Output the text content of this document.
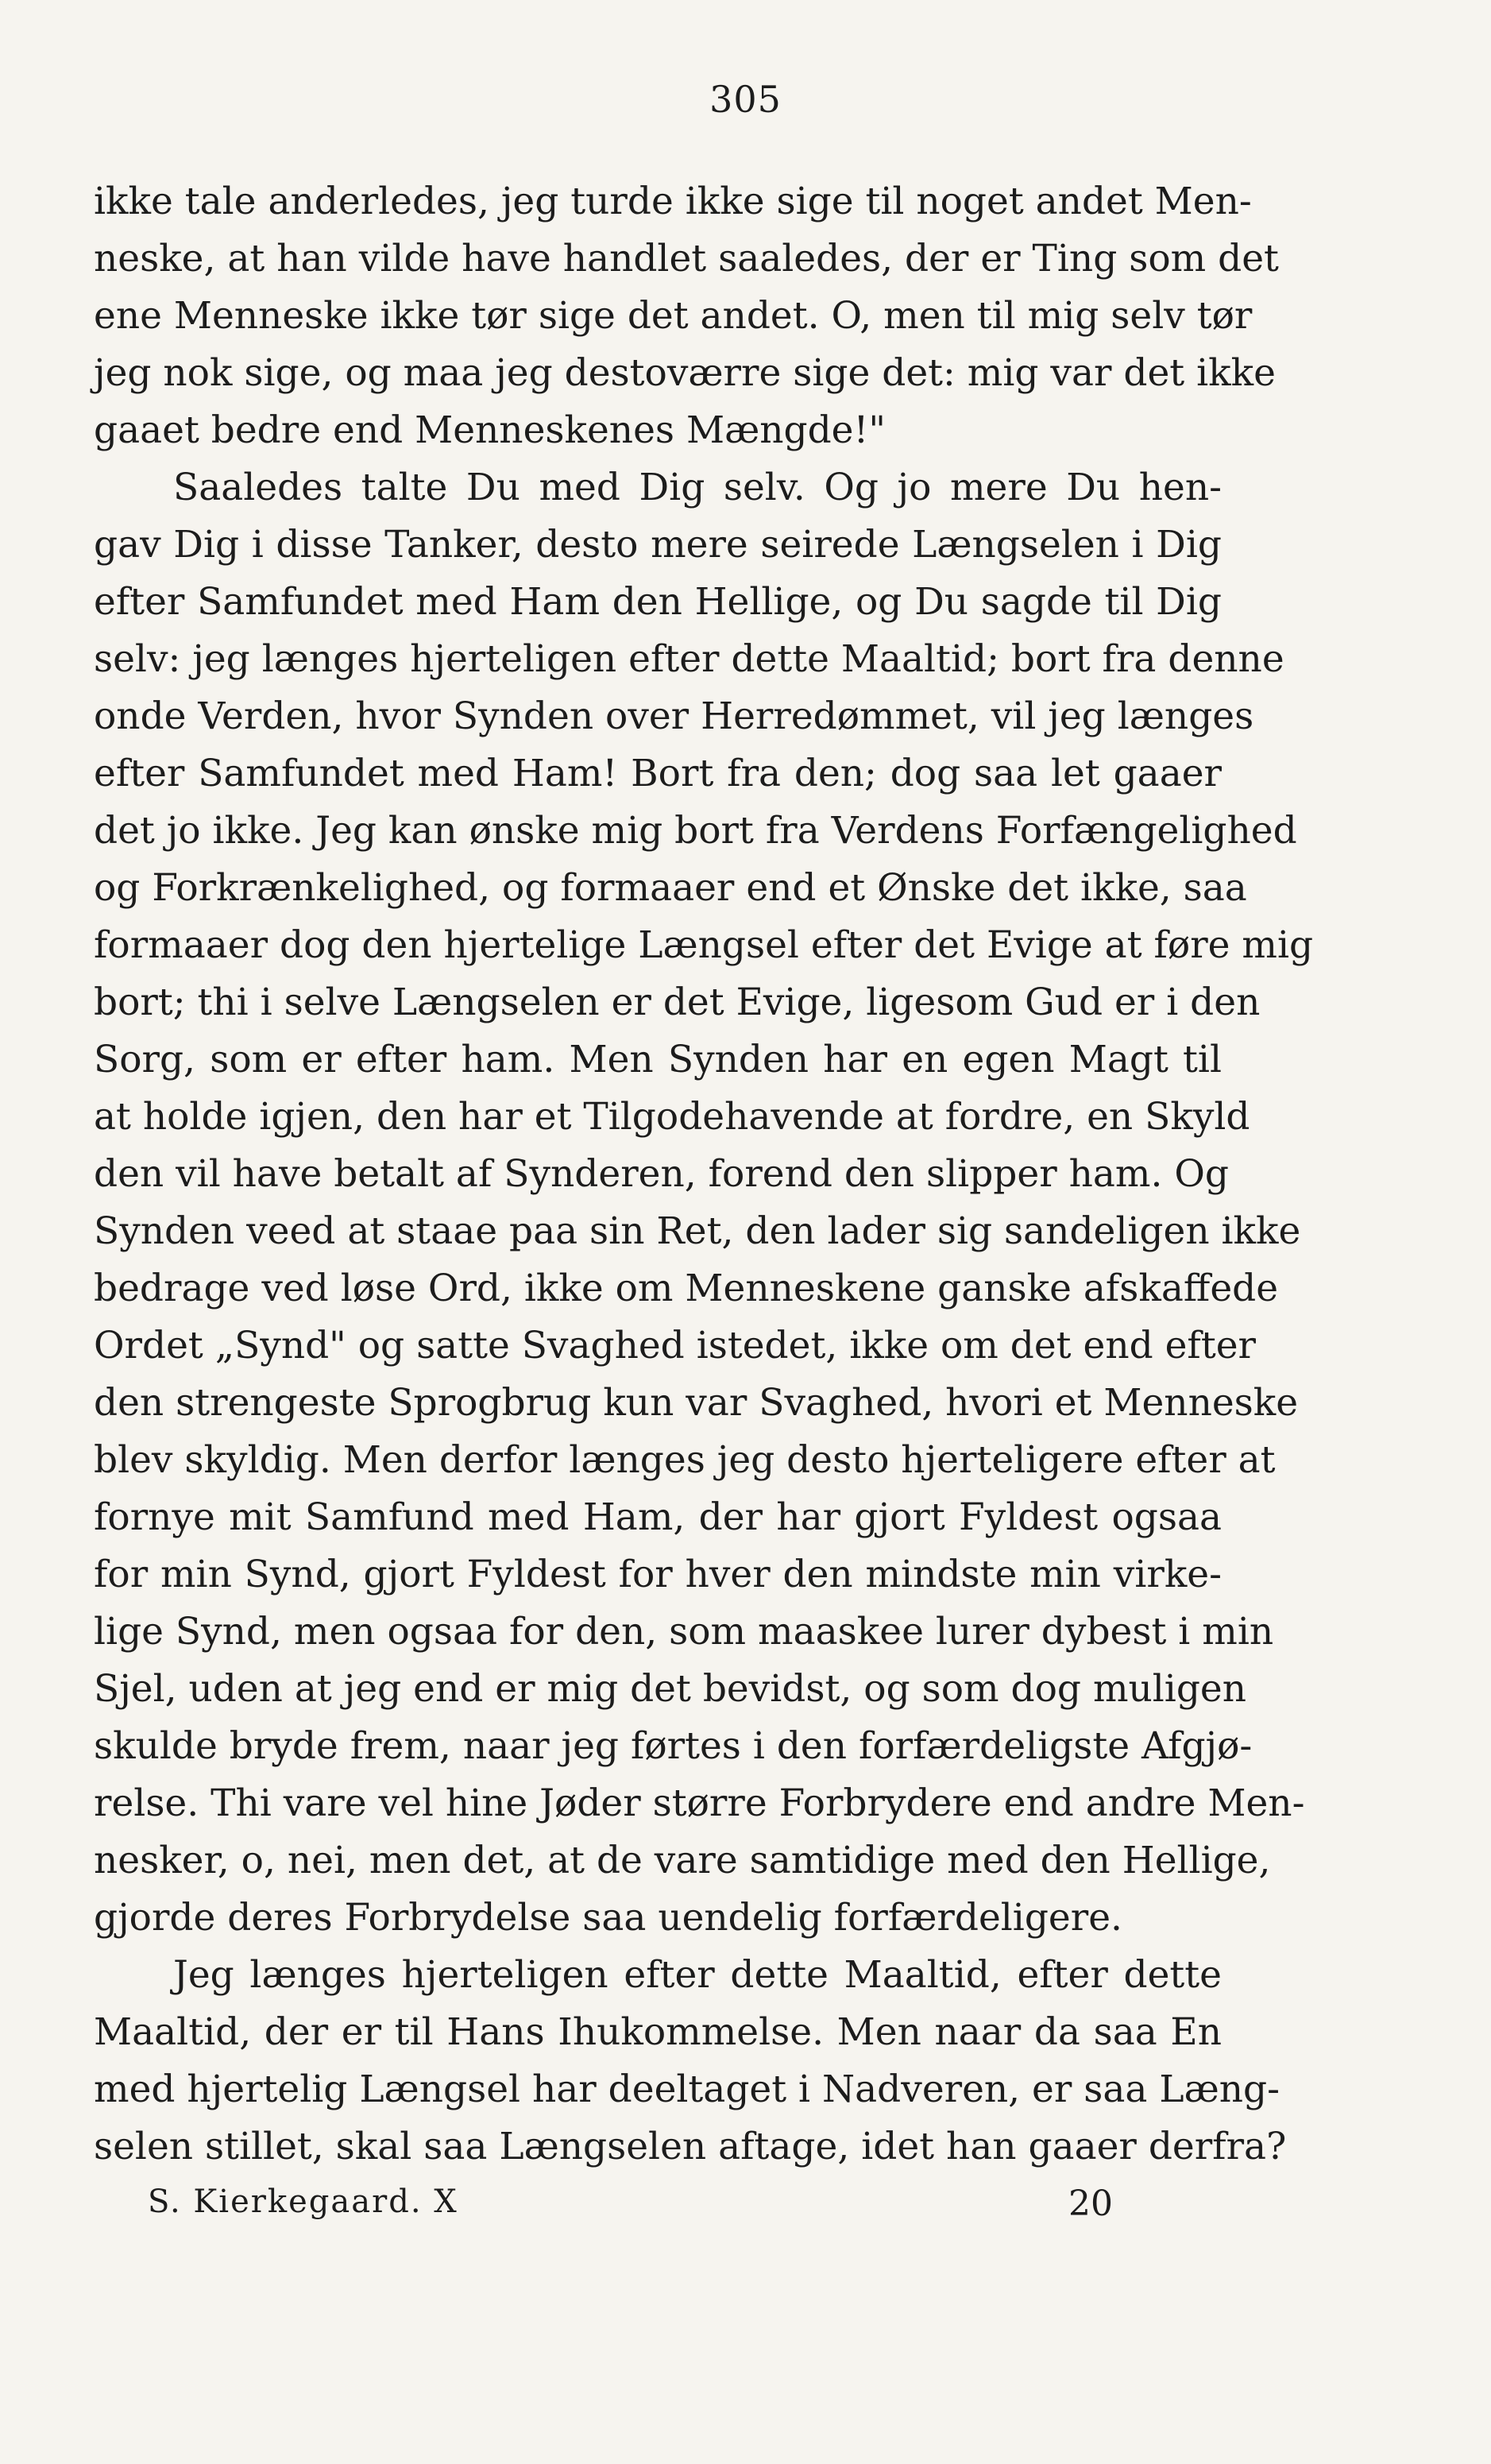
305
ikke tale anderledes, jeg turde ikke sige til noget andet Men-
neske, at han vilde have handlet saaledes, der er Ting som det
ene Menneske ikke tør sige det andet. O, men til mig selv tør
jeg nok sige, og maa jeg destoværre sige det: mig var det ikke
gaaet bedre end Menneskenes Mængde!"
Saaledes talte Du med Dig selv. Og jo mere Du hen-
gav Dig i disse Tanker, desto mere seirede Længselen i Dig
efter Samfundet med Ham den Hellige, og Du sagde til Dig
selv: jeg længes hjerteligen efter dette Maaltid; bort fra denne
onde Verden, hvor Synden over Herredømmet, vil jeg længes
efter Samfundet med Ham! Bort fra den; dog saa let gaaer
det jo ikke. Jeg kan ønske mig bort fra Verdens Forfængelighed
og Forkrænkelighed, og formaaer end et Ønske det ikke, saa
formaaer dog den hjertelige Længsel efter det Evige at føre mig
bort; thi i selve Længselen er det Evige, ligesom Gud er i den
Sorg, som er efter ham. Men Synden har en egen Magt til
at holde igjen, den har et Tilgodehavende at fordre, en Skyld
den vil have betalt af Synderen, forend den slipper ham. Og
Synden veed at staae paa sin Ret, den lader sig sandeligen ikke
bedrage ved løse Ord, ikke om Menneskene ganske afskaffede
Ordet „Synd" og satte Svaghed istedet, ikke om det end efter
den strengeste Sprogbrug kun var Svaghed, hvori et Menneske
blev skyldig. Men derfor længes jeg desto hjerteligere efter at
fornye mit Samfund med Ham, der har gjort Fyldest ogsaa
for min Synd, gjort Fyldest for hver den mindste min virke-
lige Synd, men ogsaa for den, som maaskee lurer dybest i min
Sjel, uden at jeg end er mig det bevidst, og som dog muligen
skulde bryde frem, naar jeg førtes i den forfærdeligste Afgjø-
relse. Thi vare vel hine Jøder større Forbrydere end andre Men-
nesker, o, nei, men det, at de vare samtidige med den Hellige,
gjorde deres Forbrydelse saa uendelig forfærdeligere.
Jeg længes hjerteligen efter dette Maaltid, efter dette
Maaltid, der er til Hans Ihukommelse. Men naar da saa En
med hjertelig Længsel har deeltaget i Nadveren, er saa Læng-
selen stillet, skal saa Længselen aftage, idet han gaaer derfra?
S. Kierkegaard. X	20
